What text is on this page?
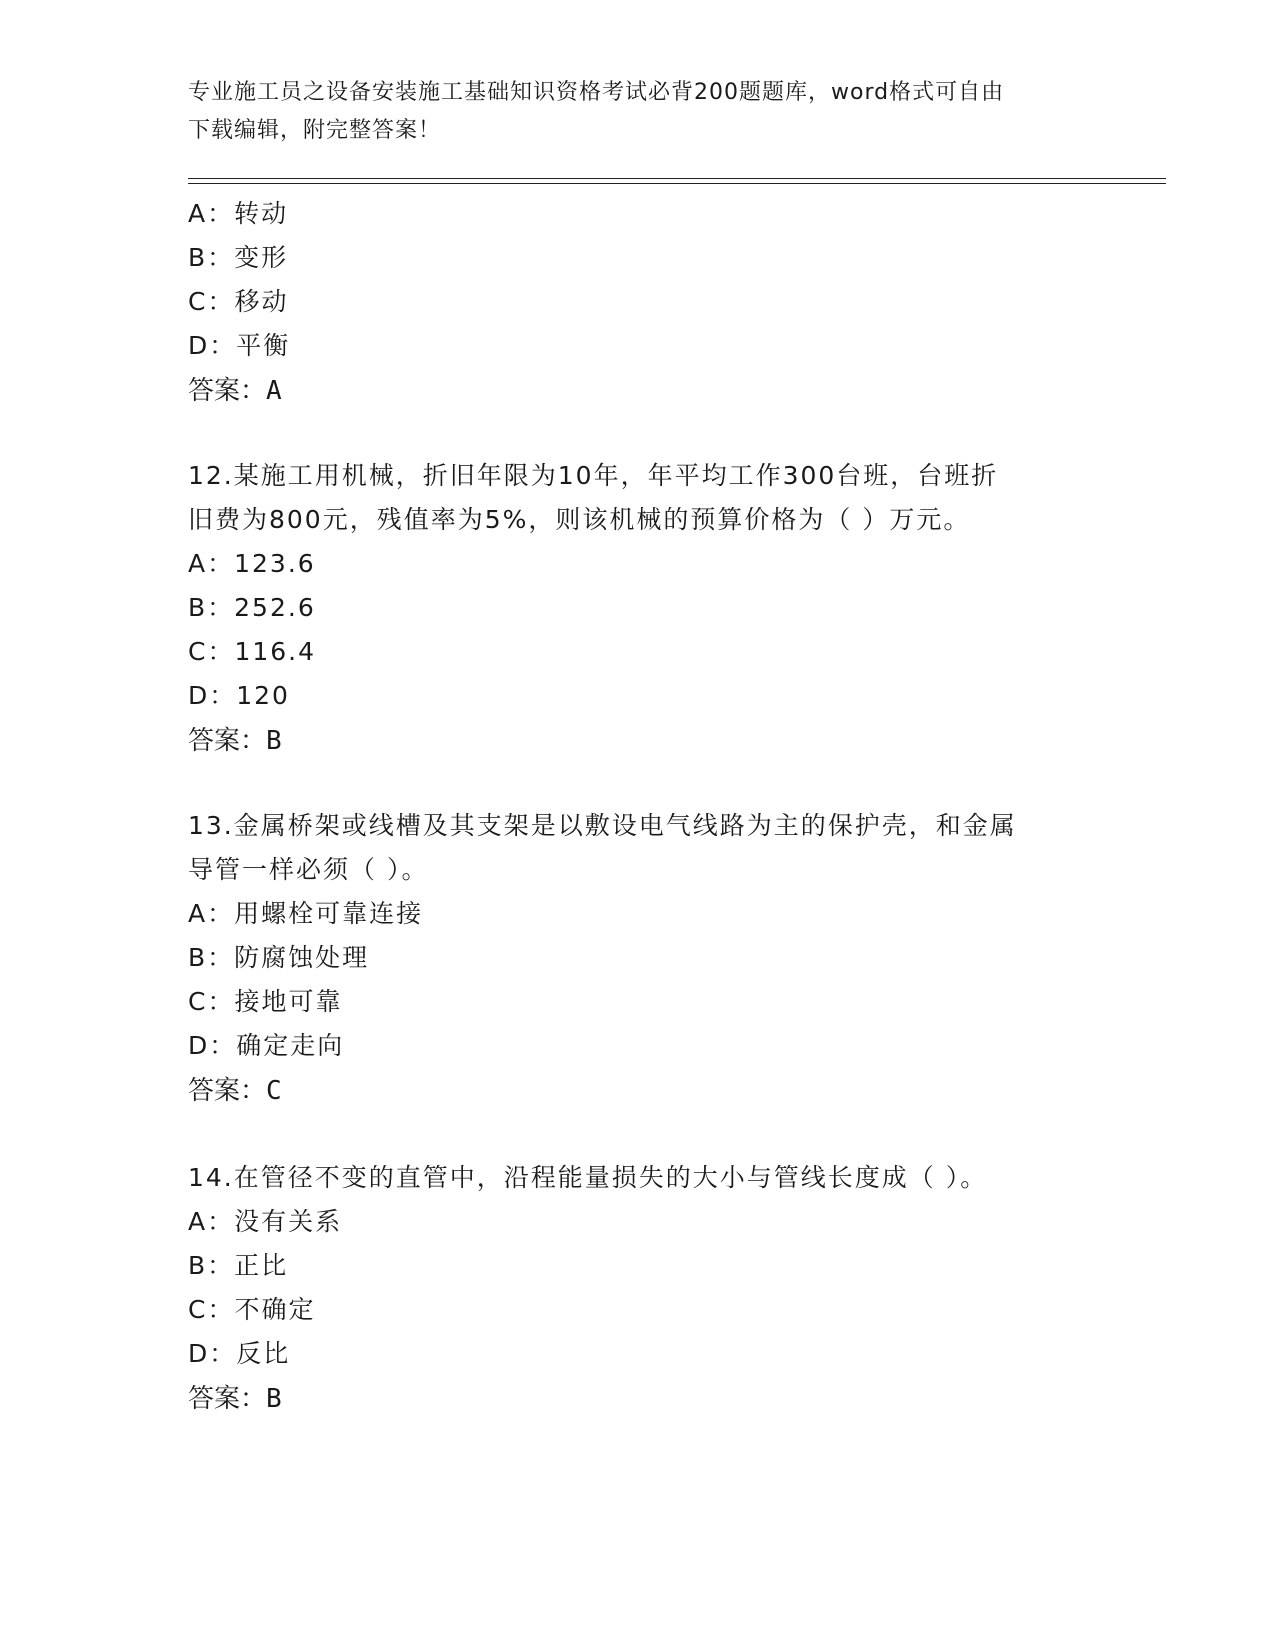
专业施工员之设备安装施工基础知识资格考试必背200题题库，word格式可自由
下载编辑，附完整答案！
A：转动
B：变形
C：移动
D：平衡
答案：A
12.某施工用机械，折旧年限为10年，年平均工作300台班，台班折
旧费为800元，残值率为5%，则该机械的预算价格为（ ）万元。
A：123.6
B：252.6
C：116.4
D：120
答案：B
13.金属桥架或线槽及其支架是以敷设电气线路为主的保护壳，和金属
导管一样必须（ ）。
A：用螺栓可靠连接
B：防腐蚀处理
C：接地可靠
D：确定走向
答案：C
14.在管径不变的直管中，沿程能量损失的大小与管线长度成（ ）。
A：没有关系
B：正比
C：不确定
D：反比
答案：B
